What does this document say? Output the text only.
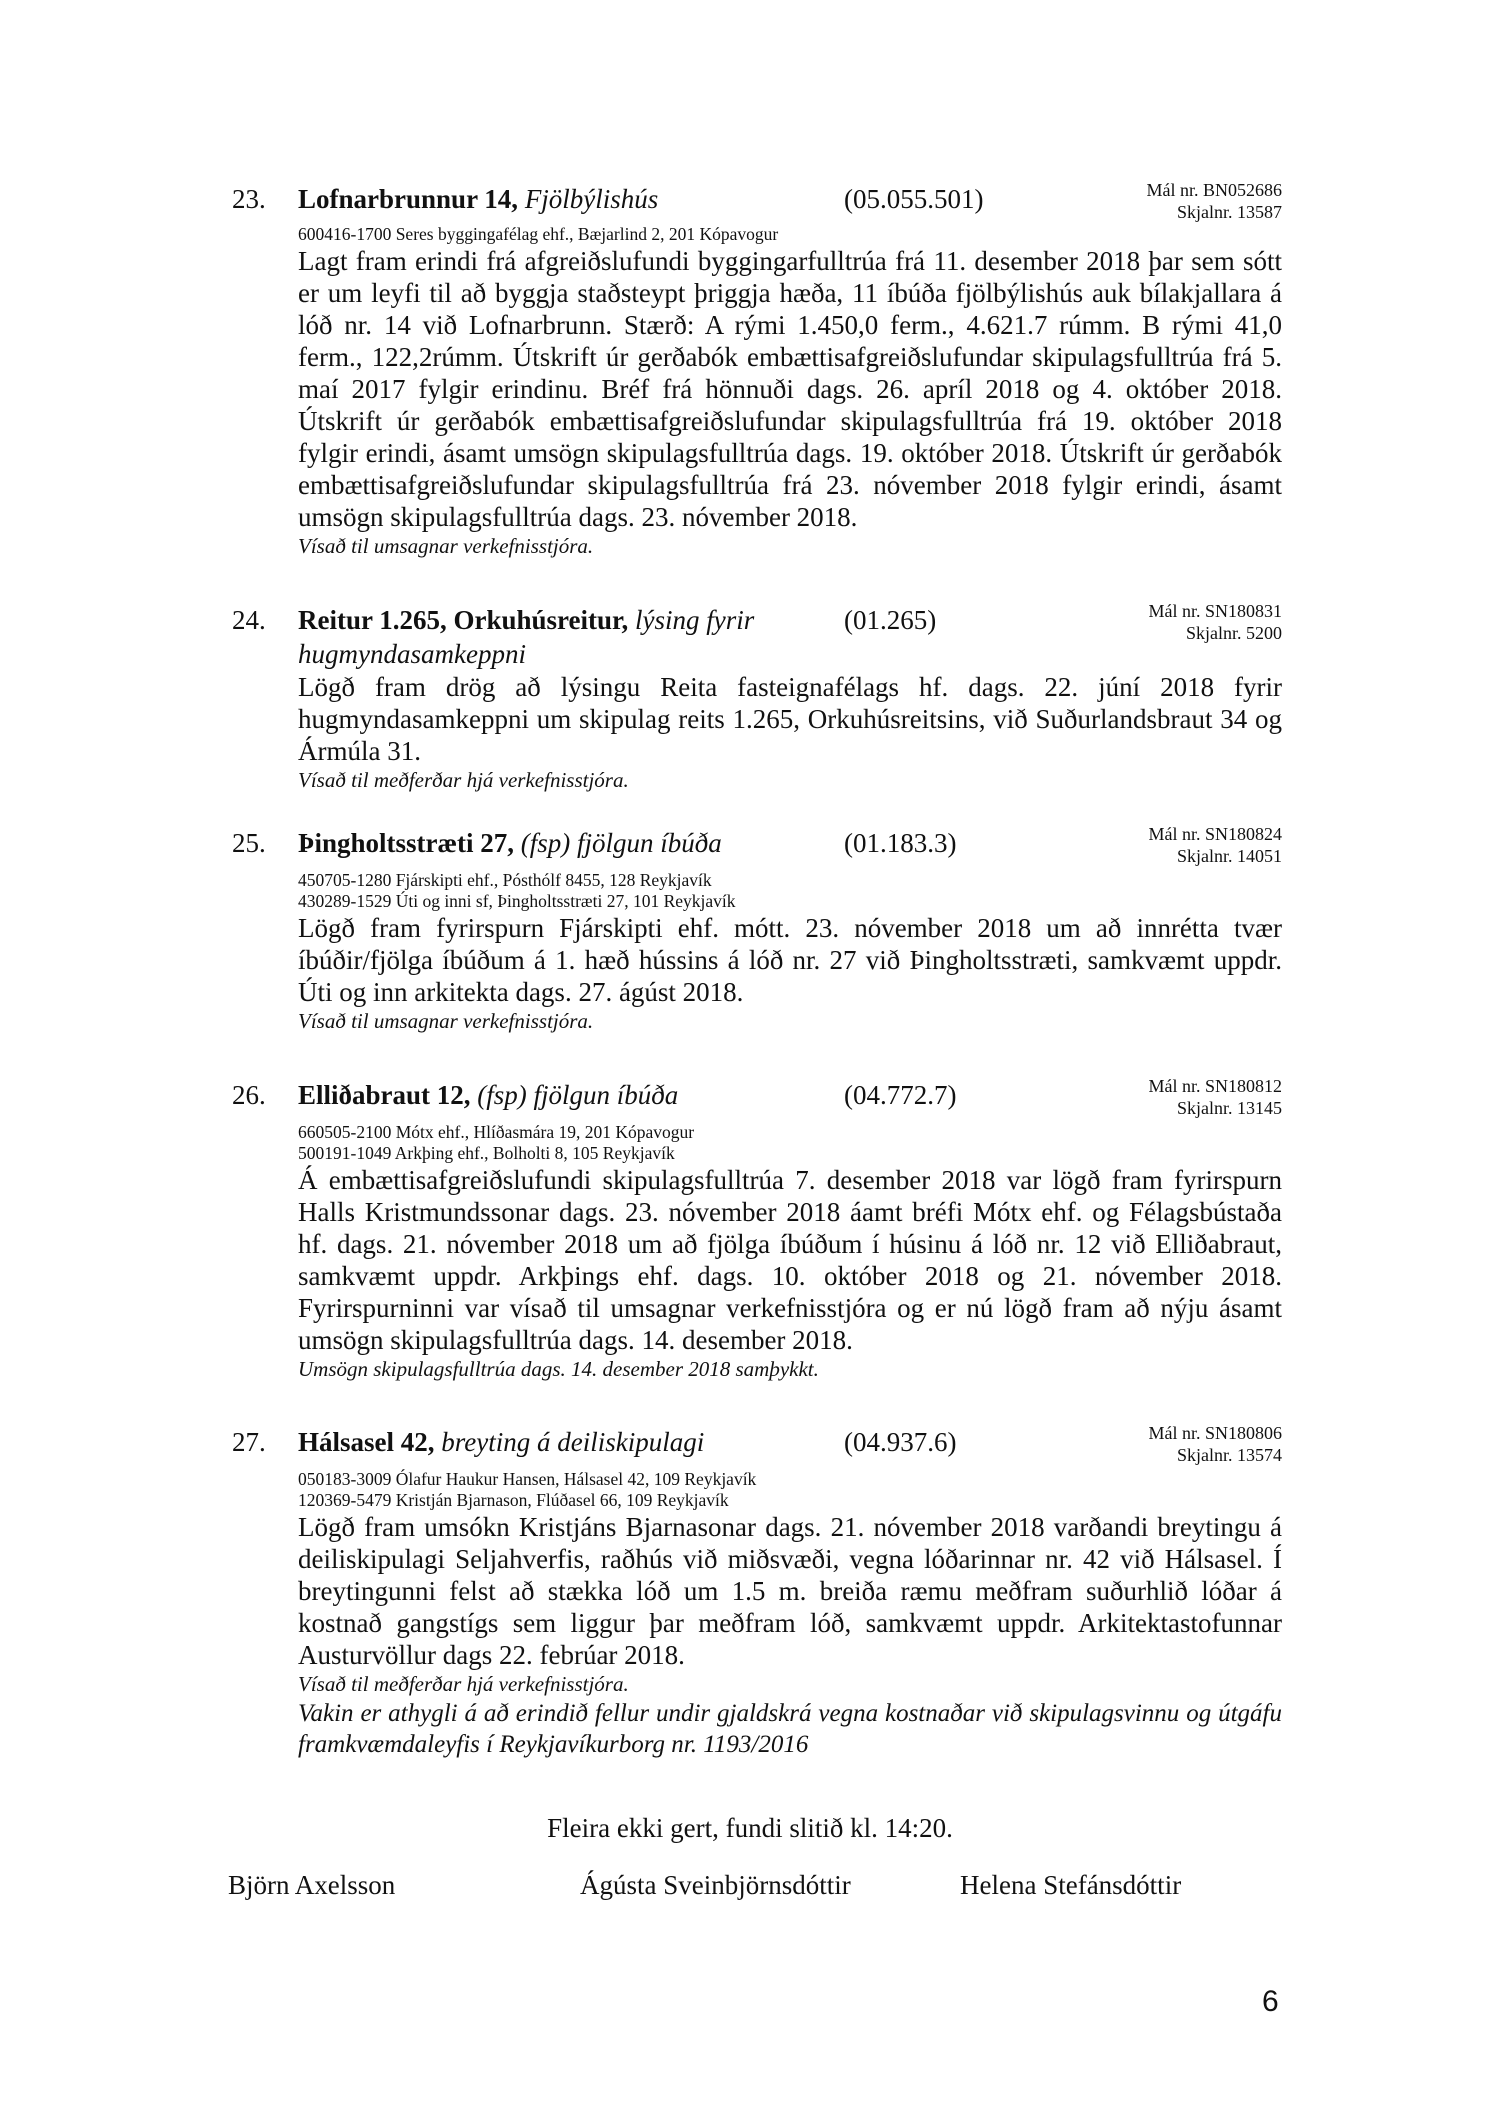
23. Lofnarbrunnur 14, Fjölbýlishús	(05.055.501)	Mál nr. BN052686
Skjalnr. 13587
600416-1700 Seres byggingafélag ehf., Bæjarlind 2, 201 Kópavogur
Lagt fram erindi frá afgreiðslufundi byggingarfulltrúa frá 11. desember 2018 þar sem sótt er um leyfi til að byggja staðsteypt þriggja hæða, 11 íbúða fjölbýlishús auk bílakjallara á lóð nr. 14 við Lofnarbrunn. Stærð: A rými 1.450,0 ferm., 4.621.7 rúmm. B rými 41,0 ferm., 122,2rúmm. Útskrift úr gerðabók embættisafgreiðslufundar skipulagsfulltrúa frá 5. maí 2017 fylgir erindinu. Bréf frá hönnuði dags. 26. apríl 2018 og 4. október 2018. Útskrift úr gerðabók embættisafgreiðslufundar skipulagsfulltrúa frá 19. október 2018 fylgir erindi, ásamt umsögn skipulagsfulltrúa dags. 19. október 2018. Útskrift úr gerðabók embættisafgreiðslufundar skipulagsfulltrúa frá 23. nóvember 2018 fylgir erindi, ásamt umsögn skipulagsfulltrúa dags. 23. nóvember 2018.
Vísað til umsagnar verkefnisstjóra.
24. Reitur 1.265, Orkuhúsreitur, lýsing fyrir hugmyndasamkeppni
(01.265)	Mál nr. SN180831
Skjalnr. 5200
Lögð fram drög að lýsingu Reita fasteignafélags hf. dags. 22. júní 2018 fyrir hugmyndasamkeppni um skipulag reits 1.265, Orkuhúsreitsins, við Suðurlandsbraut 34 og Ármúla 31.
Vísað til meðferðar hjá verkefnisstjóra.
25. Þingholtsstræti 27, (fsp) fjölgun íbúða	(01.183.3)	Mál nr. SN180824
Skjalnr. 14051
450705-1280 Fjárskipti ehf., Pósthólf 8455, 128 Reykjavík
430289-1529 Úti og inni sf, Þingholtsstræti 27, 101 Reykjavík
Lögð fram fyrirspurn Fjárskipti ehf. mótt. 23. nóvember 2018 um að innrétta tvær íbúðir/fjölga íbúðum á 1. hæð hússins á lóð nr. 27 við Þingholtsstræti, samkvæmt uppdr. Úti og inn arkitekta dags. 27. ágúst 2018.
Vísað til umsagnar verkefnisstjóra.
26. Elliðabraut 12, (fsp) fjölgun íbúða	(04.772.7)	Mál nr. SN180812
Skjalnr. 13145
660505-2100 Mótx ehf., Hlíðasmára 19, 201 Kópavogur
500191-1049 Arkþing ehf., Bolholti 8, 105 Reykjavík
Á embættisafgreiðslufundi skipulagsfulltrúa 7. desember 2018 var lögð fram fyrirspurn Halls Kristmundssonar dags. 23. nóvember 2018 áamt bréfi Mótx ehf. og Félagsbústaða hf. dags. 21. nóvember 2018 um að fjölga íbúðum í húsinu á lóð nr. 12 við Elliðabraut, samkvæmt uppdr. Arkþings ehf. dags. 10. október 2018 og 21. nóvember 2018. Fyrirspurninni var vísað til umsagnar verkefnisstjóra og er nú lögð fram að nýju ásamt umsögn skipulagsfulltrúa dags. 14. desember 2018.
Umsögn skipulagsfulltrúa dags. 14. desember 2018 samþykkt.
27. Hálsasel 42, breyting á deiliskipulagi	(04.937.6)	Mál nr. SN180806
Skjalnr. 13574
050183-3009 Ólafur Haukur Hansen, Hálsasel 42, 109 Reykjavík
120369-5479 Kristján Bjarnason, Flúðasel 66, 109 Reykjavík
Lögð fram umsókn Kristjáns Bjarnasonar dags. 21. nóvember 2018 varðandi breytingu á deiliskipulagi Seljahverfis, raðhús við miðsvæði, vegna lóðarinnar nr. 42 við Hálsasel. Í breytingunni felst að stækka lóð um 1.5 m. breiða ræmu meðfram suðurhlið lóðar á kostnað gangstígs sem liggur þar meðfram lóð, samkvæmt uppdr. Arkitektastofunnar Austurvöllur dags 22. febrúar 2018.
Vísað til meðferðar hjá verkefnisstjóra.
Vakin er athygli á að erindið fellur undir gjaldskrá vegna kostnaðar við skipulagsvinnu og útgáfu framkvæmdaleyfis í Reykjavíkurborg nr. 1193/2016
Fleira ekki gert, fundi slitið kl. 14:20.
Björn Axelsson	Ágústa Sveinbjörnsdóttir	Helena Stefánsdóttir
6
